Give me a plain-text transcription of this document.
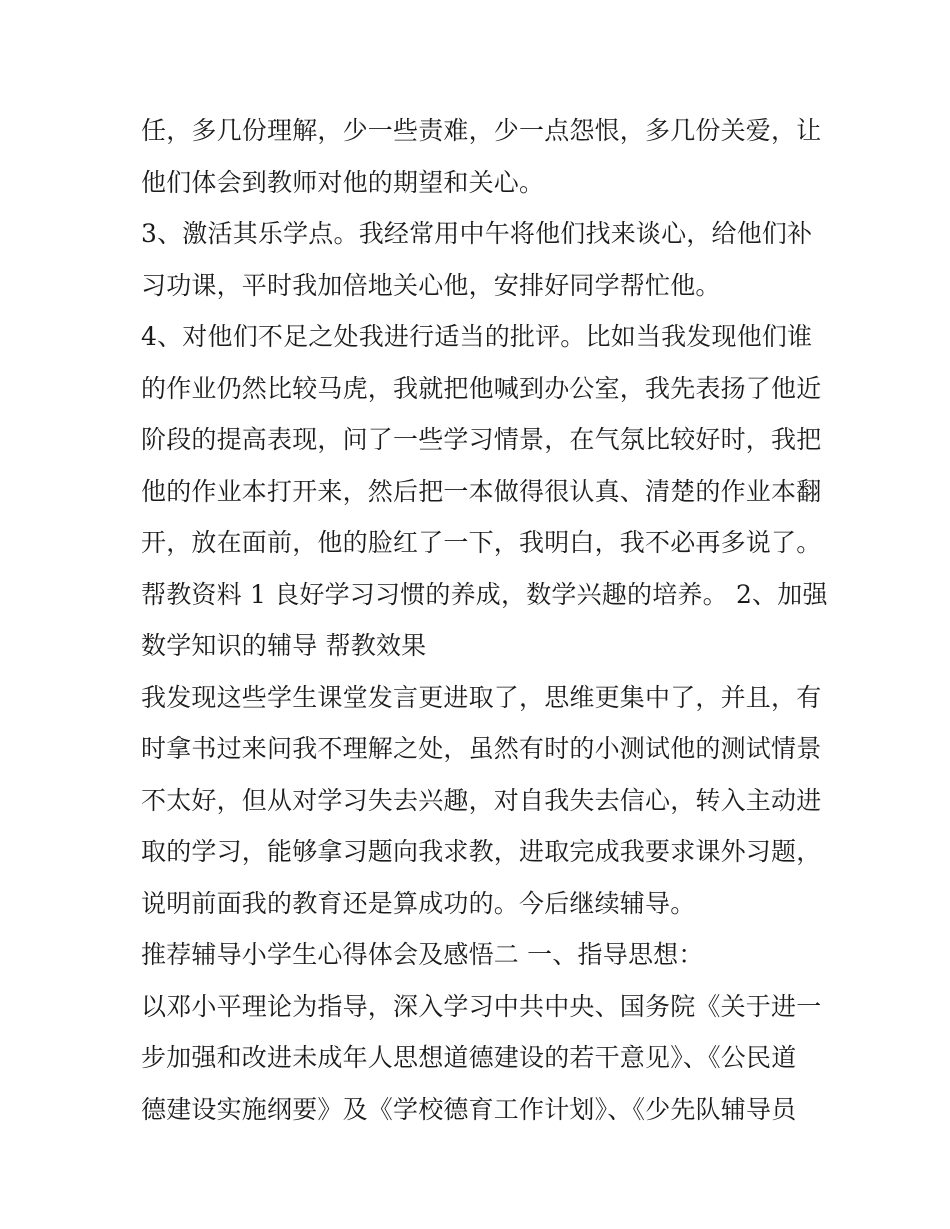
任，多几份理解，少一些责难，少一点怨恨，多几份关爱，让
他们体会到教师对他的期望和关心。
3、激活其乐学点。我经常用中午将他们找来谈心，给他们补
习功课，平时我加倍地关心他，安排好同学帮忙他。
4、对他们不足之处我进行适当的批评。比如当我发现他们谁
的作业仍然比较马虎，我就把他喊到办公室，我先表扬了他近
阶段的提高表现，问了一些学习情景，在气氛比较好时，我把
他的作业本打开来，然后把一本做得很认真、清楚的作业本翻
开，放在面前，他的脸红了一下，我明白，我不必再多说了。
帮教资料 1 良好学习习惯的养成，数学兴趣的培养。 2、加强
数学知识的辅导 帮教效果
我发现这些学生课堂发言更进取了，思维更集中了，并且，有
时拿书过来问我不理解之处，虽然有时的小测试他的测试情景
不太好，但从对学习失去兴趣，对自我失去信心，转入主动进
取的学习，能够拿习题向我求教，进取完成我要求课外习题，
说明前面我的教育还是算成功的。今后继续辅导。
推荐辅导小学生心得体会及感悟二 一、指导思想：
以邓小平理论为指导，深入学习中共中央、国务院《关于进一
步加强和改进未成年人思想道德建设的若干意见》、《公民道
德建设实施纲要》及《学校德育工作计划》、《少先队辅导员
